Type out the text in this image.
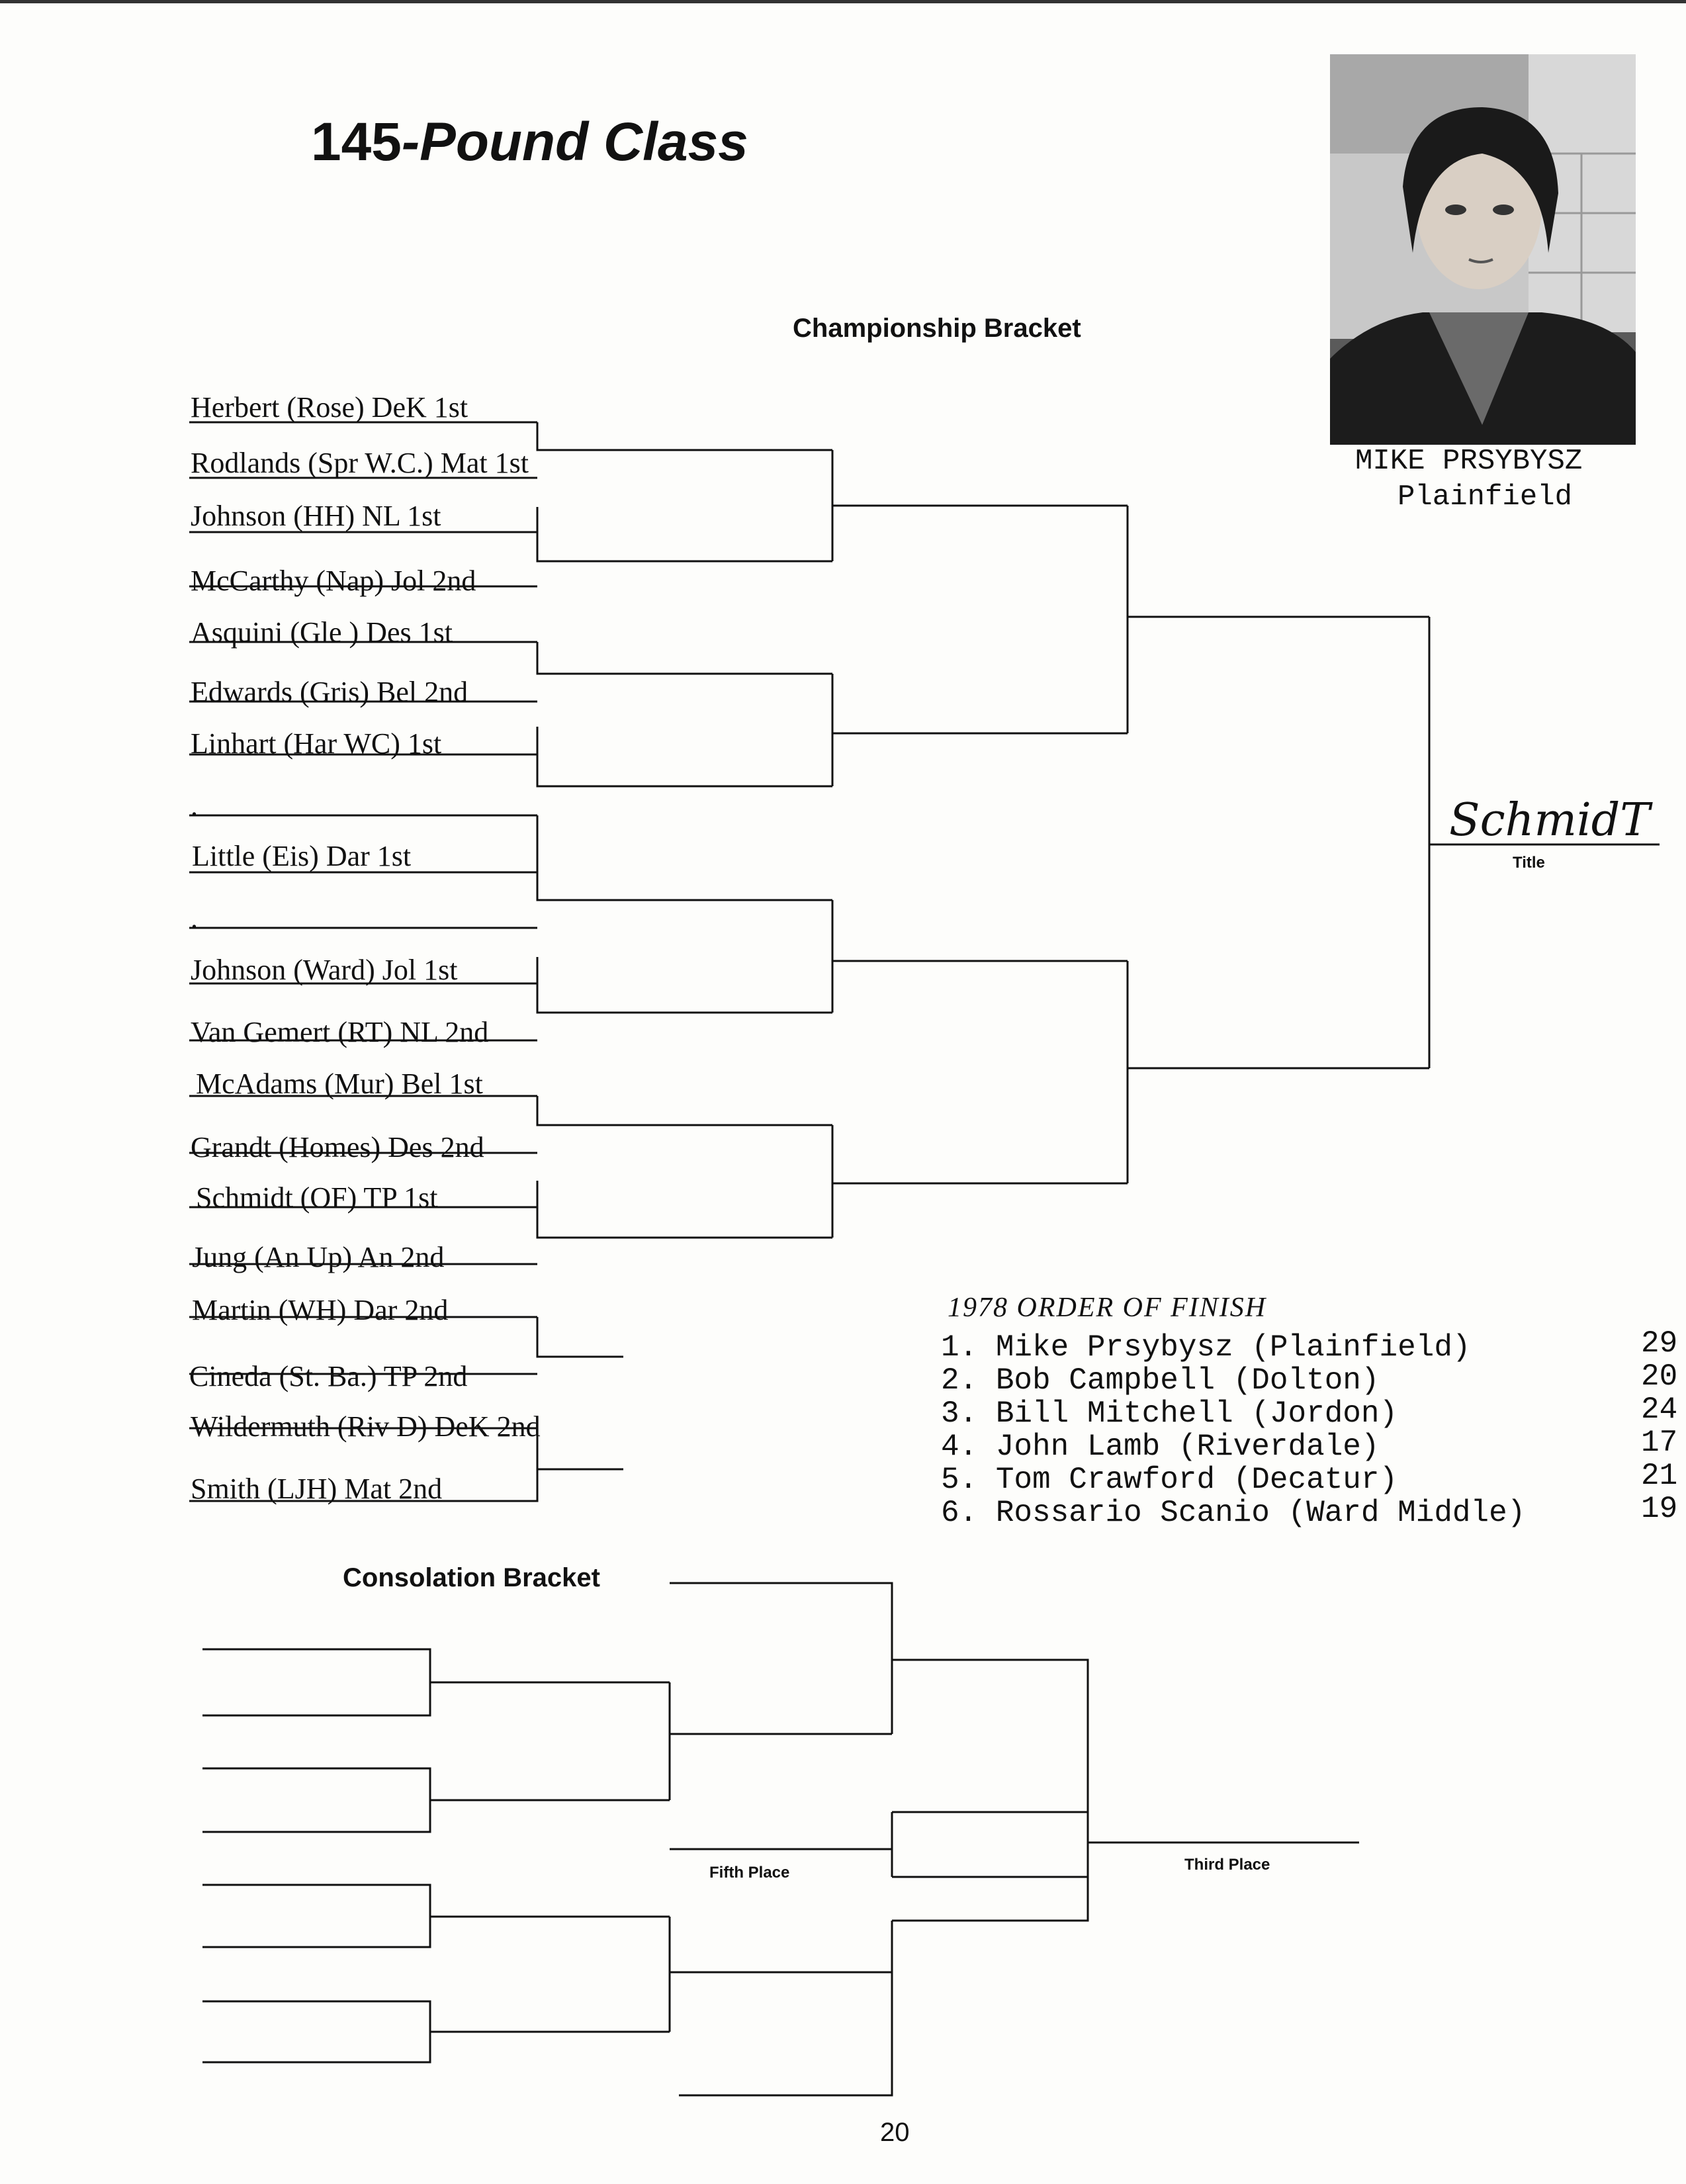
145-Pound Class
Championship Bracket
MIKE PRSYBYSZ
Plainfield
Herbert (Rose) DeK 1st
Rodlands (Spr W.C.) Mat 1st
Johnson (HH) NL 1st
McCarthy (Nap) Jol 2nd
Asquini (Gle ) Des 1st
Edwards (Gris) Bel 2nd
Linhart (Har WC) 1st
.
Little (Eis) Dar 1st
.
Johnson (Ward) Jol 1st
Van Gemert (RT) NL 2nd
McAdams (Mur) Bel 1st
Grandt (Homes) Des 2nd
Schmidt (OF) TP 1st
Jung (An Up) An 2nd
Martin (WH) Dar 2nd
Cineda (St. Ba.) TP 2nd
Wildermuth (Riv D) DeK 2nd
Smith (LJH) Mat 2nd
SchmidT
Title
1978 ORDER OF FINISH
1. Mike Prsybysz (Plainfield)	29
2. Bob Campbell (Dolton)	20
3. Bill Mitchell (Jordon)	24
4. John Lamb (Riverdale)	17
5. Tom Crawford (Decatur)	21
6. Rossario Scanio (Ward Middle)	19
Consolation Bracket
Fifth Place	Third Place
20
